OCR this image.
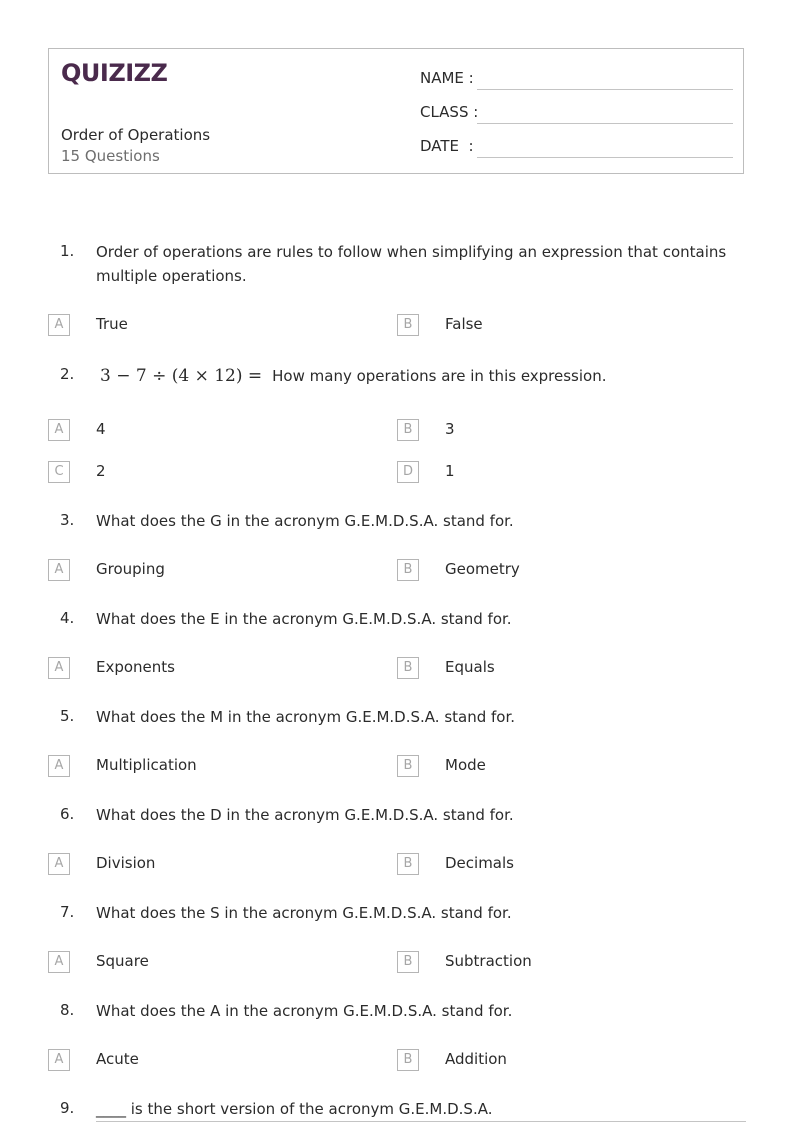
QUIZIZZ
Order of Operations
15 Questions
NAME :
CLASS :
DATE  :
1. Order of operations are rules to follow when simplifying an expression that contains multiple operations.
A	True	B	False
2. 3 − 7 ÷ (4 × 12) = How many operations are in this expression.
A	4	B	3
C	2	D	1
3. What does the G in the acronym G.E.M.D.S.A. stand for.
A	Grouping	B	Geometry
4. What does the E in the acronym G.E.M.D.S.A. stand for.
A	Exponents	B	Equals
5. What does the M in the acronym G.E.M.D.S.A. stand for.
A	Multiplication	B	Mode
6. What does the D in the acronym G.E.M.D.S.A. stand for.
A	Division	B	Decimals
7. What does the S in the acronym G.E.M.D.S.A. stand for.
A	Square	B	Subtraction
8. What does the A in the acronym G.E.M.D.S.A. stand for.
A	Acute	B	Addition
9. ____ is the short version of the acronym G.E.M.D.S.A.
